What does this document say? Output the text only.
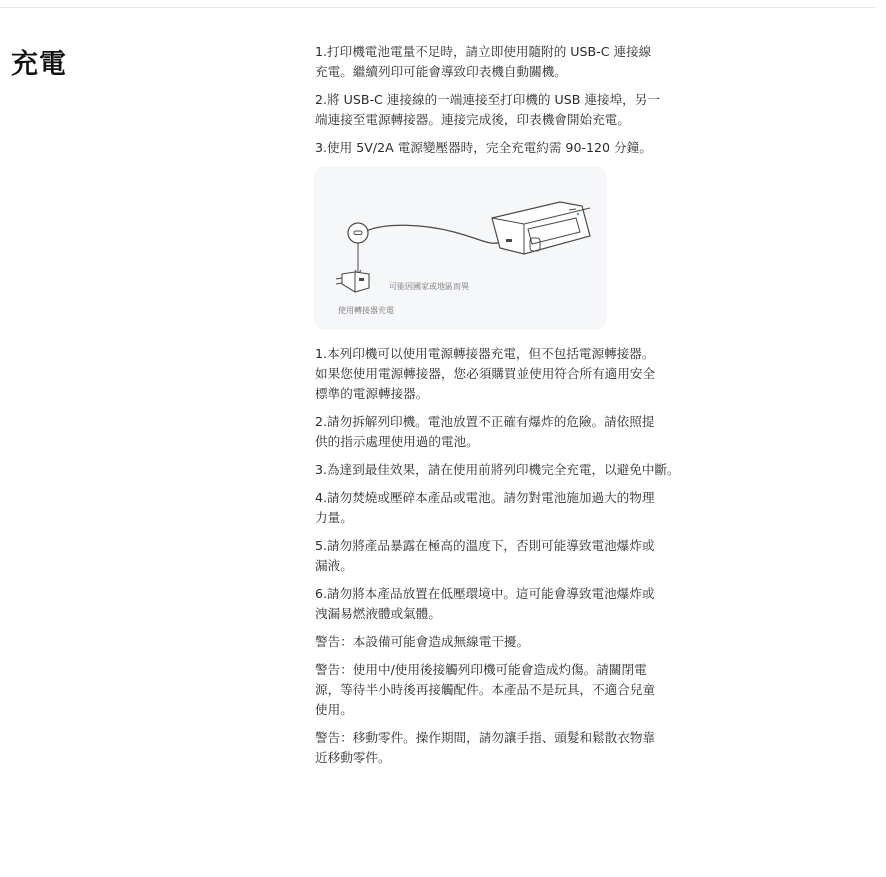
充電	1.打印機電池電量不足時，請立即使用隨附的 USB-C 連接線

充電。繼續列印可能會導致印表機自動關機。

2.將 USB-C 連接線的一端連接至打印機的 USB 連接埠，另一

端連接至電源轉接器。連接完成後，印表機會開始充電。

3.使用 5V/2A 電源變壓器時，完全充電約需 90-120 分鐘。

可能因國家或地區而異
使用轉接器充電
1.本列印機可以使用電源轉接器充電，但不包括電源轉接器。
如果您使用電源轉接器，您必須購買並使用符合所有適用安全
標準的電源轉接器。
2.請勿拆解列印機。電池放置不正確有爆炸的危險。請依照提
供的指示處理使用過的電池。
3.為達到最佳效果，請在使用前將列印機完全充電，以避免中斷。
4.請勿焚燒或壓碎本產品或電池。請勿對電池施加過大的物理
力量。
5.請勿將產品暴露在極高的溫度下，否則可能導致電池爆炸或
漏液。
6.請勿將本產品放置在低壓環境中。這可能會導致電池爆炸或
洩漏易燃液體或氣體。
警告：本設備可能會造成無線電干擾。
警告：使用中/使用後接觸列印機可能會造成灼傷。請關閉電
源，等待半小時後再接觸配件。本產品不是玩具，不適合兒童
使用。
警告：移動零件。操作期間，請勿讓手指、頭髮和鬆散衣物靠
近移動零件。
